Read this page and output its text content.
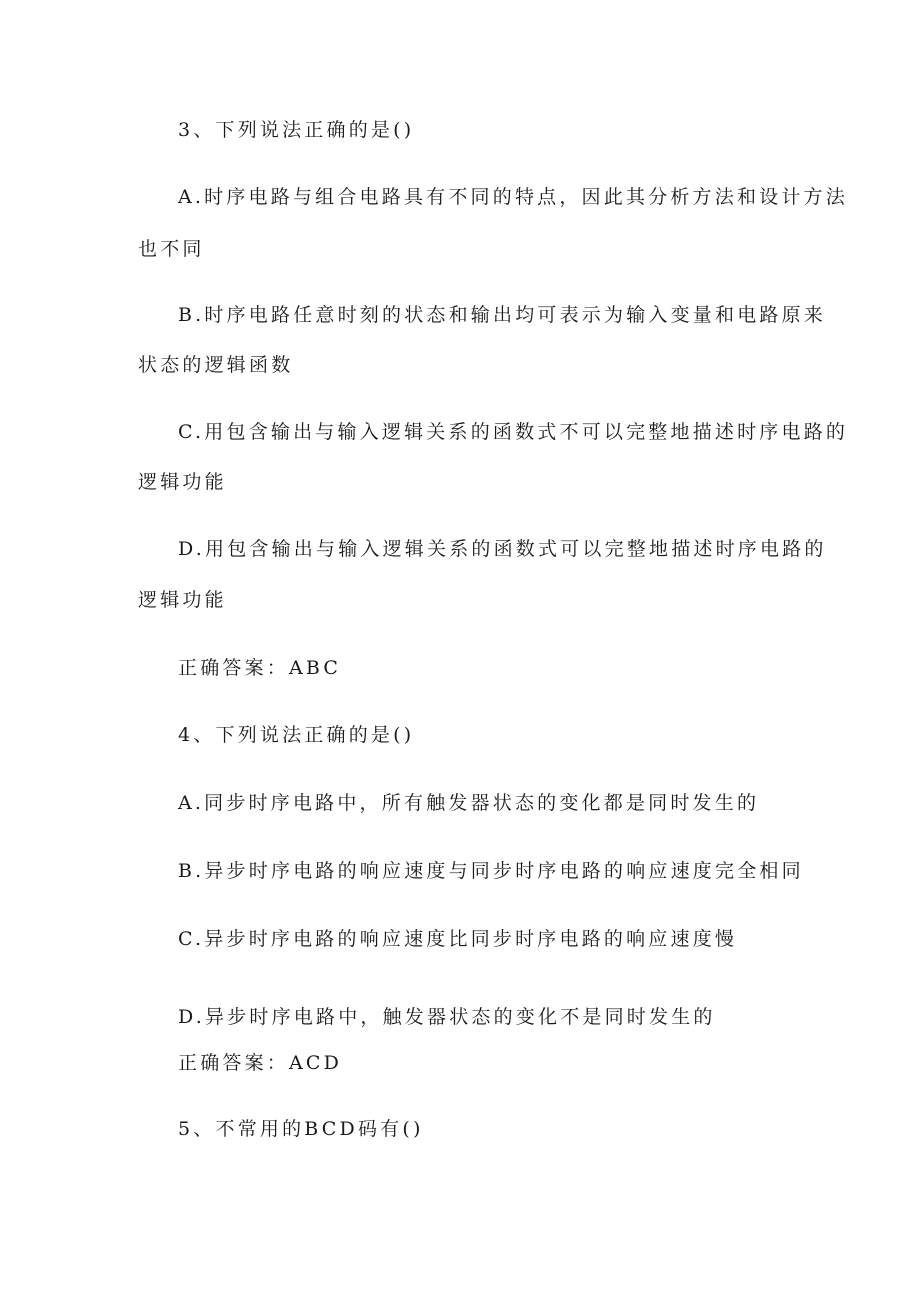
3、下列说法正确的是()
A.时序电路与组合电路具有不同的特点，因此其分析方法和设计方法
也不同
B.时序电路任意时刻的状态和输出均可表示为输入变量和电路原来
状态的逻辑函数
C.用包含输出与输入逻辑关系的函数式不可以完整地描述时序电路的
逻辑功能
D.用包含输出与输入逻辑关系的函数式可以完整地描述时序电路的
逻辑功能
正确答案：ABC
4、下列说法正确的是()
A.同步时序电路中，所有触发器状态的变化都是同时发生的
B.异步时序电路的响应速度与同步时序电路的响应速度完全相同
C.异步时序电路的响应速度比同步时序电路的响应速度慢
D.异步时序电路中，触发器状态的变化不是同时发生的
正确答案：ACD
5、不常用的BCD码有()
